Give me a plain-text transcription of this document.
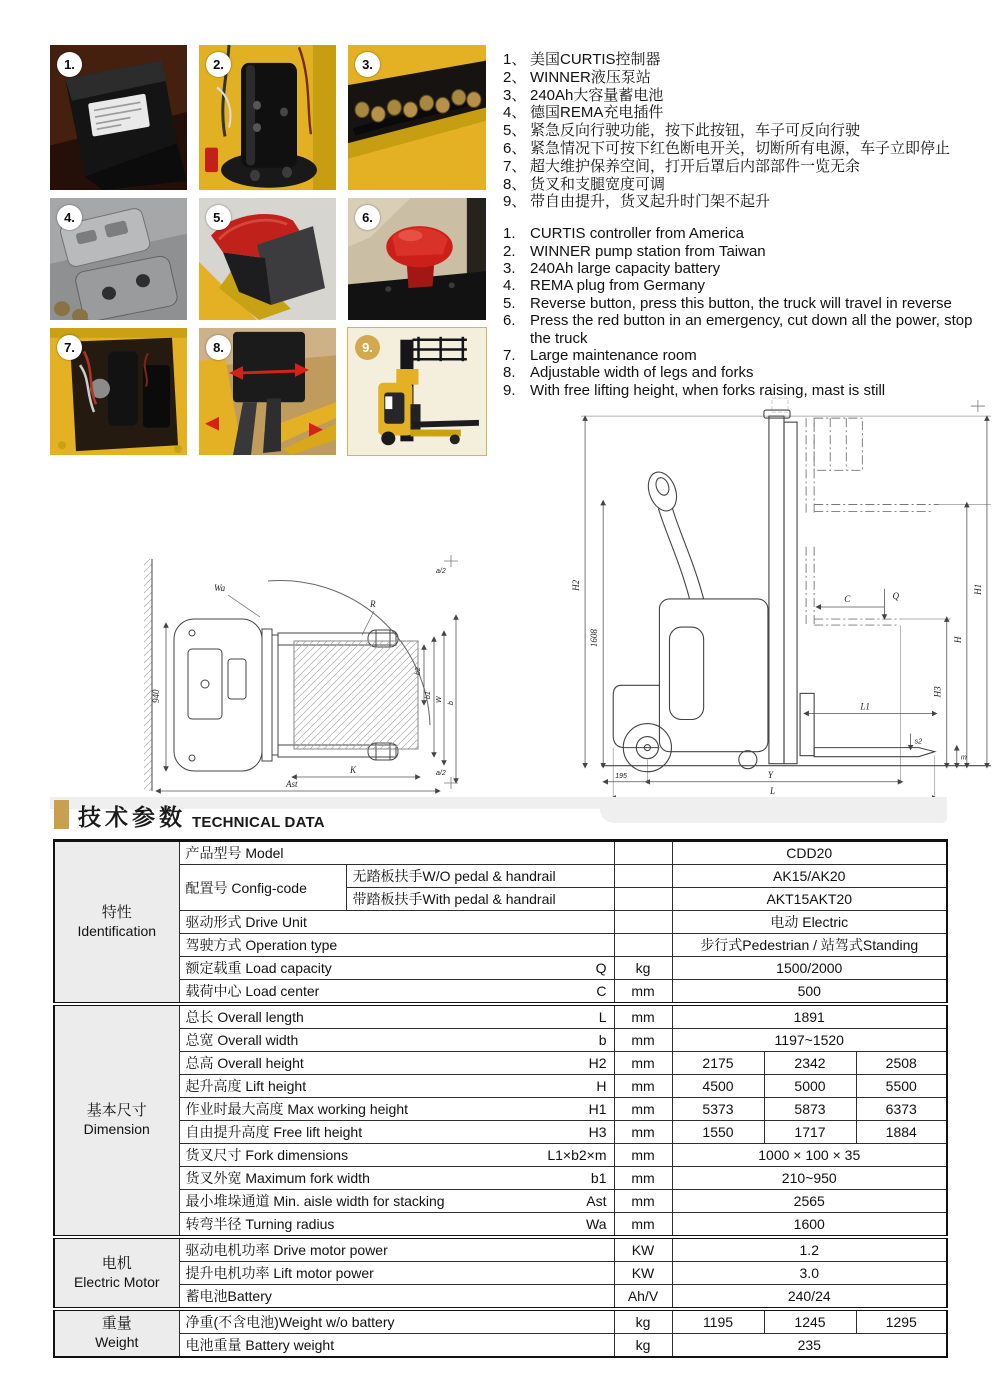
1.	2.	3.
4.	5.	6.
7.	8.	9.
1、 美国CURTIS控制器
2、 WINNER液压泵站
3、 240Ah大容量蓄电池
4、 德国REMA充电插件
5、 紧急反向行驶功能，按下此按钮，车子可反向行驶
6、 紧急情况下可按下红色断电开关，切断所有电源，车子立即停止
7、 超大维护保养空间，打开后罩后内部部件一览无余
8、 货叉和支腿宽度可调
9、 带自由提升，货叉起升时门架不起升
1. CURTIS controller from America
2. WINNER pump station from Taiwan
3. 240Ah large capacity battery
4. REMA plug from Germany
5. Reverse button, press this button, the truck will travel in reverse
6. Press the red button in an emergency, cut down all the power, stop the truck
7. Large maintenance room
8. Adjustable width of legs and forks
9. With free lifting height, when forks raising, mast is still
Wa
940
R
b2
b1
W
b
K
Ast
a/2
a/2
H2
1608
H1
H
H3
C	Q
L1
s2
m
Y
L
195
技术参数 TECHNICAL DATA
特性
Identification	产品型号 Model			CDD20		
	配置号 Config-code	无踏板扶手W/O pedal & handrail		AK15/AK20		
		带踏板扶手With pedal & handrail		AKT15AKT20		
	驱动形式 Drive Unit			电动 Electric		
	驾驶方式 Operation type			步行式Pedestrian / 站驾式Standing		
	额定载重 Load capacity Q		kg	1500/2000		
	载荷中心 Load center C		mm	500		

基本尺寸
Dimension
	总长 Overall length	L	mm	1891
	总宽 Overall width b		mm	1197~1520		
	总高 Overall height H2		mm	2175	2342	2508
	起升高度 Lift height H		mm	4500	5000	5500
	作业时最大高度 Max working height H1		mm	5373	5873	6373
	自由提升高度 Free lift height H3		mm	1550	1717	1884
	货叉尺寸 Fork dimensions L1×b2×m		mm	1000 × 100 × 35		
	货叉外宽 Maximum fork width b1		mm	210~950		
	最小堆垛通道 Min. aisle width for stacking Ast		mm	2565		
	转弯半径 Turning radius Wa		mm	1600		

电机
Electric Motor	驱动电机功率 Drive motor power		KW	1.2		
	提升电机功率 Lift motor power		KW	3.0		
	蓄电池Battery		Ah/V	240/24		

重量
Weight	净重(不含电池)Weight w/o battery		kg	1195	1245	1295
	电池重量 Battery weight		kg	235		
